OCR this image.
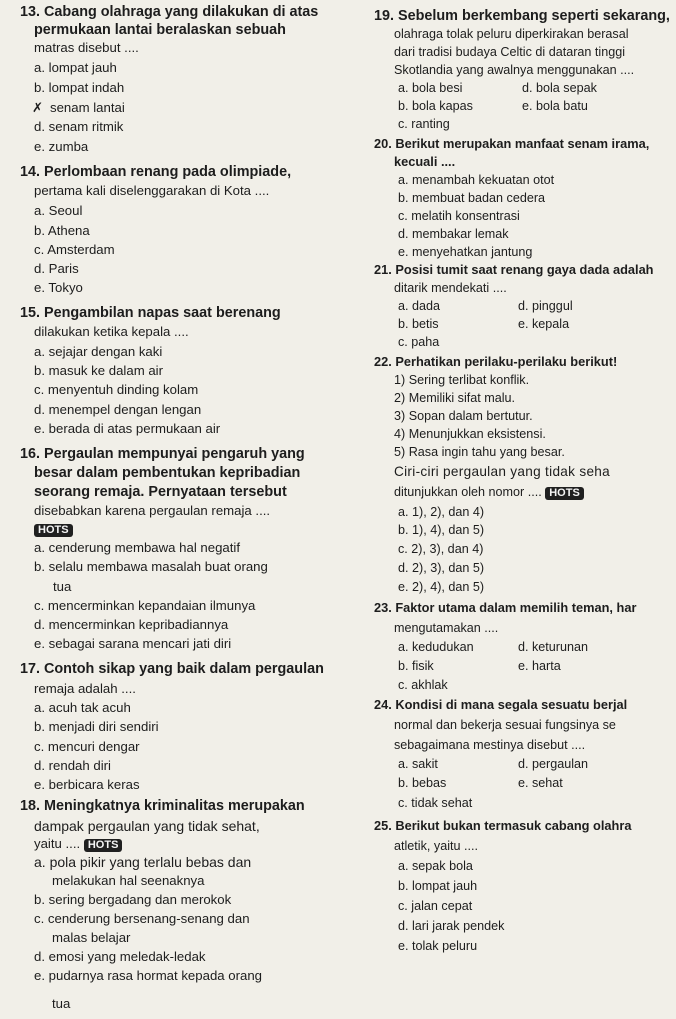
13. Cabang olahraga yang dilakukan di atas
permukaan lantai beralaskan sebuah
matras disebut ....
a. lompat jauh
b. lompat indah
✗ senam lantai
d. senam ritmik
e. zumba
14. Perlombaan renang pada olimpiade,
pertama kali diselenggarakan di Kota ....
a. Seoul
b. Athena
c. Amsterdam
d. Paris
e. Tokyo
15. Pengambilan napas saat berenang
dilakukan ketika kepala ....
a. sejajar dengan kaki
b. masuk ke dalam air
c. menyentuh dinding kolam
d. menempel dengan lengan
e. berada di atas permukaan air
16. Pergaulan mempunyai pengaruh yang
besar dalam pembentukan kepribadian
seorang remaja. Pernyataan tersebut
disebabkan karena pergaulan remaja ....
HOTS
a. cenderung membawa hal negatif
b. selalu membawa masalah buat orang
tua
c. mencerminkan kepandaian ilmunya
d. mencerminkan kepribadiannya
e. sebagai sarana mencari jati diri
17. Contoh sikap yang baik dalam pergaulan
remaja adalah ....
a. acuh tak acuh
b. menjadi diri sendiri
c. mencuri dengar
d. rendah diri
e. berbicara keras
18. Meningkatnya kriminalitas merupakan
dampak pergaulan yang tidak sehat,
yaitu .... HOTS
a. pola pikir yang terlalu bebas dan
melakukan hal seenaknya
b. sering bergadang dan merokok
c. cenderung bersenang-senang dan
malas belajar
d. emosi yang meledak-ledak
e. pudarnya rasa hormat kepada orang
tua
19. Sebelum berkembang seperti sekarang,
olahraga tolak peluru diperkirakan berasal
dari tradisi budaya Celtic di dataran tinggi
Skotlandia yang awalnya menggunakan ....
a. bola besi	d. bola sepak
b. bola kapas	e. bola batu
c. ranting
20. Berikut merupakan manfaat senam irama,
kecuali ....
a. menambah kekuatan otot
b. membuat badan cedera
c. melatih konsentrasi
d. membakar lemak
e. menyehatkan jantung
21. Posisi tumit saat renang gaya dada adalah
ditarik mendekati ....
a. dada	d. pinggul
b. betis	e. kepala
c. paha
22. Perhatikan perilaku-perilaku berikut!
1) Sering terlibat konflik.
2) Memiliki sifat malu.
3) Sopan dalam bertutur.
4) Menunjukkan eksistensi.
5) Rasa ingin tahu yang besar.
Ciri-ciri pergaulan yang tidak seha
ditunjukkan oleh nomor .... HOTS
a. 1), 2), dan 4)
b. 1), 4), dan 5)
c. 2), 3), dan 4)
d. 2), 3), dan 5)
e. 2), 4), dan 5)
23. Faktor utama dalam memilih teman, har
mengutamakan ....
a. kedudukan	d. keturunan
b. fisik	e. harta
c. akhlak
24. Kondisi di mana segala sesuatu berjal
normal dan bekerja sesuai fungsinya se
sebagaimana mestinya disebut ....
a. sakit	d. pergaulan
b. bebas	e. sehat
c. tidak sehat
25. Berikut bukan termasuk cabang olahra
atletik, yaitu ....
a. sepak bola
b. lompat jauh
c. jalan cepat
d. lari jarak pendek
e. tolak peluru
